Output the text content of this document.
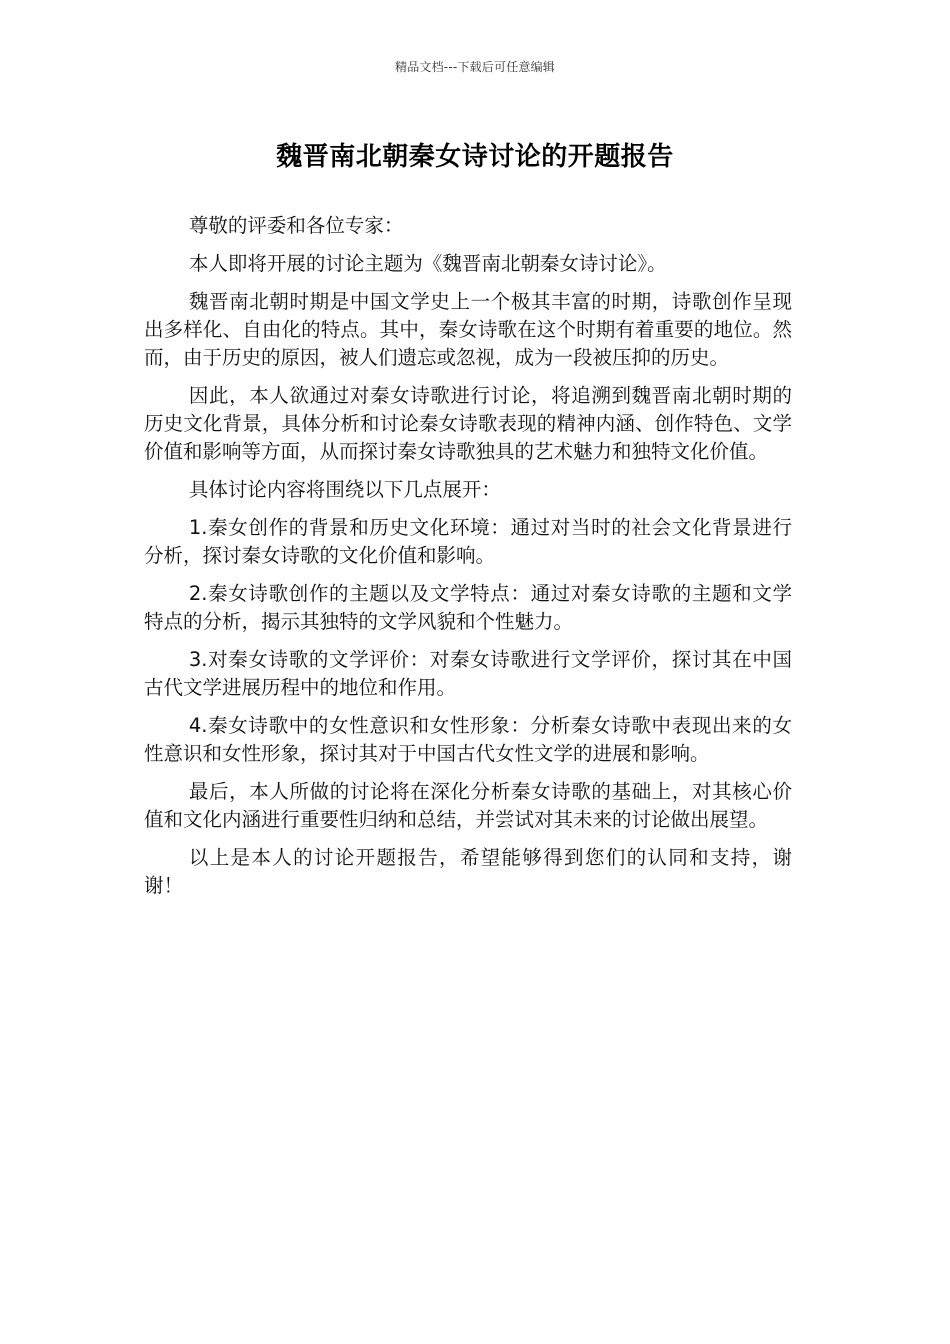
精品文档---下载后可任意编辑
魏晋南北朝秦女诗讨论的开题报告

尊敬的评委和各位专家：

本人即将开展的讨论主题为《魏晋南北朝秦女诗讨论》。

魏晋南北朝时期是中国文学史上一个极其丰富的时期，诗歌创作呈现出多样化、自由化的特点。其中，秦女诗歌在这个时期有着重要的地位。然而，由于历史的原因，被人们遗忘或忽视，成为一段被压抑的历史。

因此，本人欲通过对秦女诗歌进行讨论，将追溯到魏晋南北朝时期的历史文化背景，具体分析和讨论秦女诗歌表现的精神内涵、创作特色、文学价值和影响等方面，从而探讨秦女诗歌独具的艺术魅力和独特文化价值。

具体讨论内容将围绕以下几点展开：

1.秦女创作的背景和历史文化环境：通过对当时的社会文化背景进行分析，探讨秦女诗歌的文化价值和影响。

2.秦女诗歌创作的主题以及文学特点：通过对秦女诗歌的主题和文学特点的分析，揭示其独特的文学风貌和个性魅力。

3.对秦女诗歌的文学评价：对秦女诗歌进行文学评价，探讨其在中国古代文学进展历程中的地位和作用。

4.秦女诗歌中的女性意识和女性形象：分析秦女诗歌中表现出来的女性意识和女性形象，探讨其对于中国古代女性文学的进展和影响。

最后，本人所做的讨论将在深化分析秦女诗歌的基础上，对其核心价值和文化内涵进行重要性归纳和总结，并尝试对其未来的讨论做出展望。

以上是本人的讨论开题报告，希望能够得到您们的认同和支持，谢谢！
